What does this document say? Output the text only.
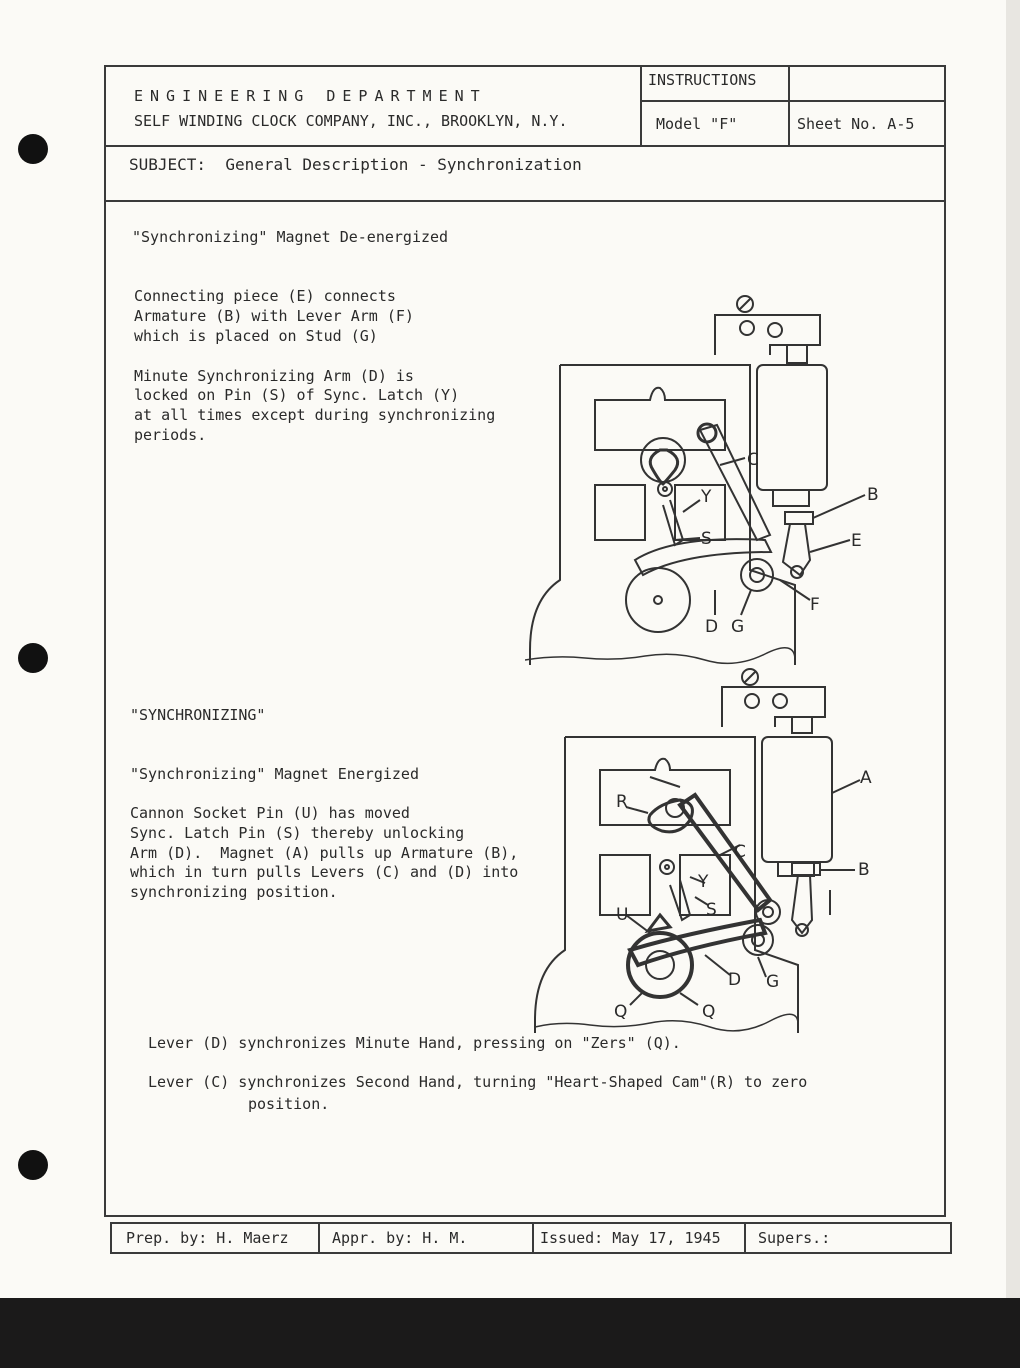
ENGINEERING DEPARTMENT
SELF WINDING CLOCK COMPANY, INC., BROOKLYN, N.Y.
INSTRUCTIONS
Model "F"	Sheet No. A-5
SUBJECT:  General Description - Synchronization
"Synchronizing" Magnet De-energized
Connecting piece (E) connects
Armature (B) with Lever Arm (F)
which is placed on Stud (G)
Minute Synchronizing Arm (D) is
locked on Pin (S) of Sync. Latch (Y)
at all times except during synchronizing
periods.
"SYNCHRONIZING"
"Synchronizing" Magnet Energized
Cannon Socket Pin (U) has moved
Sync. Latch Pin (S) thereby unlocking
Arm (D).  Magnet (A) pulls up Armature (B),
which in turn pulls Levers (C) and (D) into
synchronizing position.
Lever (D) synchronizes Minute Hand, pressing on "Zers" (Q).
Lever (C) synchronizes Second Hand, turning "Heart-Shaped Cam"(R) to zero
position.
C
Y
S
B
E
F
D G
A
R
C
B
Y
S
U
D G
Q	Q
Prep. by: H. Maerz	Appr. by: H. M.	Issued: May 17, 1945	Supers.:
